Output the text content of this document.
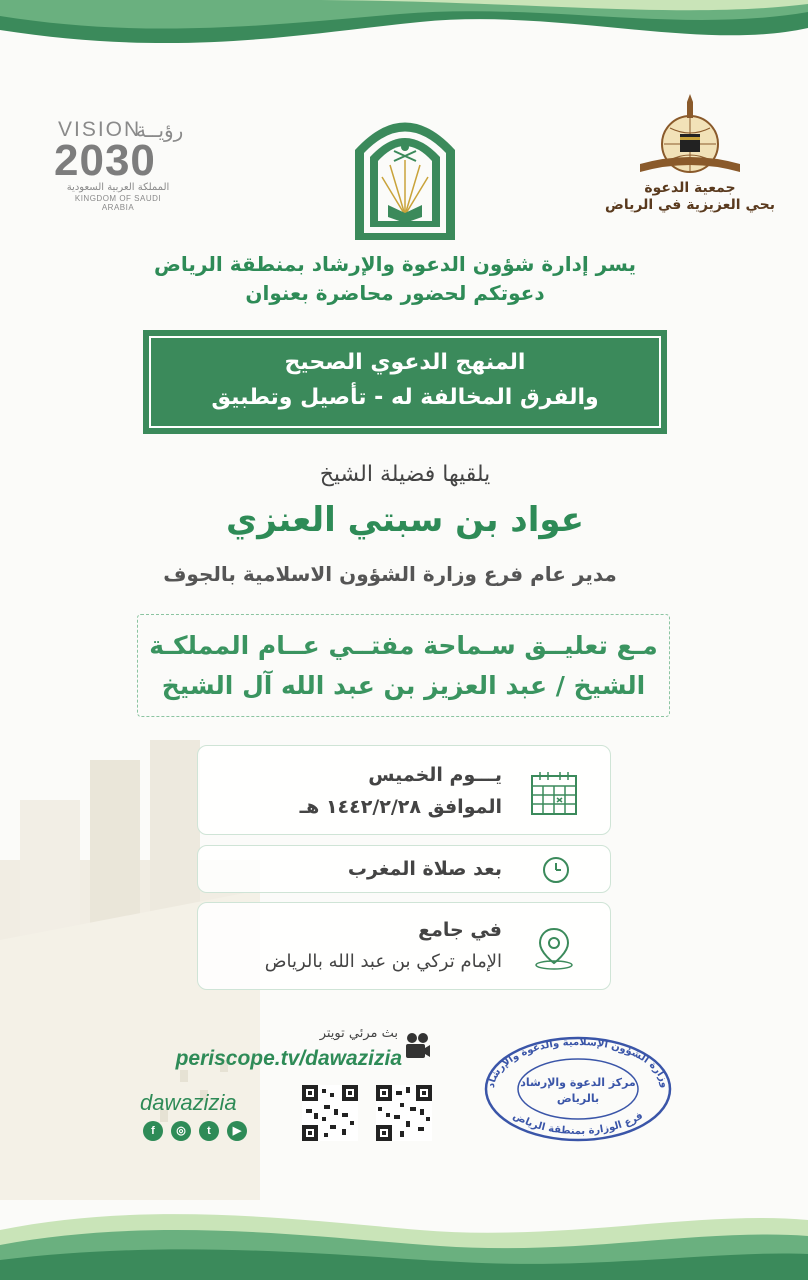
VISION
رؤيــة
2030
المملكة العربية السعودية
KINGDOM OF SAUDI ARABIA
جمعية الدعوة
بحي العزيزية في الرياض
يسر إدارة شؤون الدعوة والإرشاد بمنطقة الرياض
دعوتكم لحضور محاضرة بعنوان
المنهج الدعوي الصحيح
والفرق المخالفة له - تأصيل وتطبيق
يلقيها فضيلة الشيخ
عواد بن سبتي العنزي
مدير عام فرع وزارة الشؤون الاسلامية بالجوف
مـع تعليــق سـماحة مفتــي عــام المملكـة
الشيخ / عبد العزيز بن عبد الله آل الشيخ
يـــوم الخميس
الموافق ١٤٤٢/٢/٢٨ هـ
بعد صلاة المغرب
في جامع
الإمام تركي بن عبد الله بالرياض
بث مرئي تويتر
periscope.tv/dawazizia
dawazizia
f	◎	t	▶
وزارة الشؤون الإسلامية والدعوة والإرشاد
فرع الوزارة بمنطقة الرياض
مركز الدعوة والإرشاد
بالرياض
